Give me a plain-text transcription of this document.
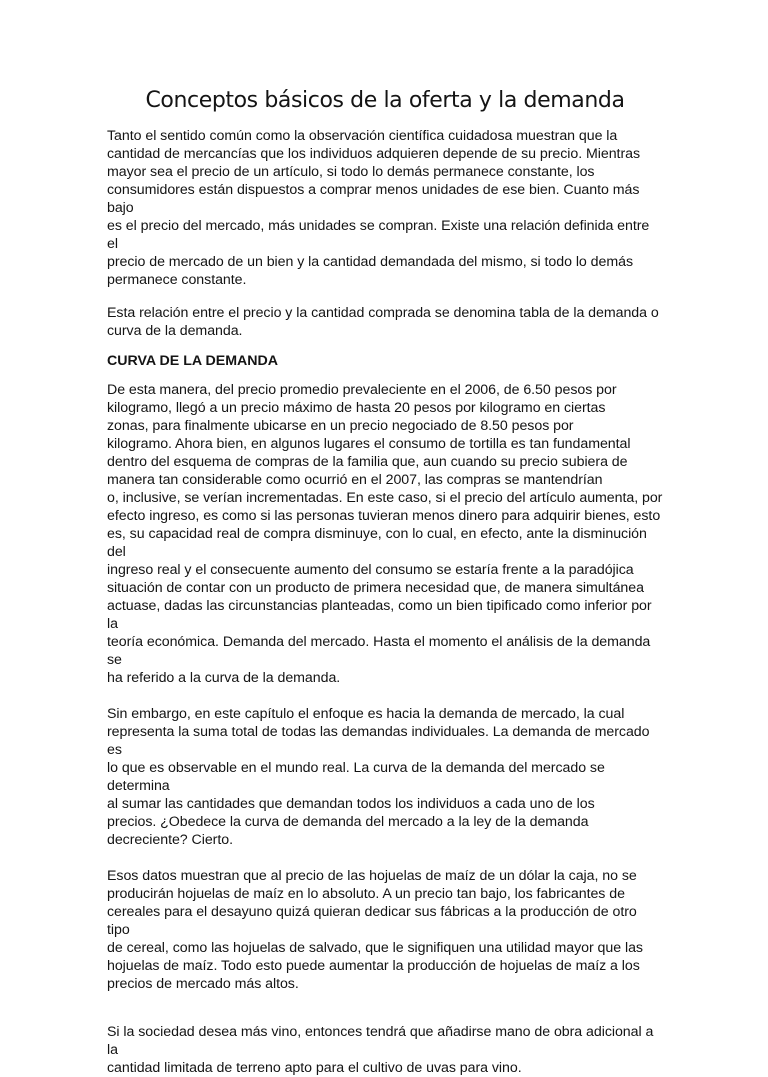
Conceptos básicos de la oferta y la demanda

Tanto el sentido común como la observación científica cuidadosa muestran que la
cantidad de mercancías que los individuos adquieren depende de su precio. Mientras
mayor sea el precio de un artículo, si todo lo demás permanece constante, los
consumidores están dispuestos a comprar menos unidades de ese bien. Cuanto más bajo
es el precio del mercado, más unidades se compran. Existe una relación definida entre el
precio de mercado de un bien y la cantidad demandada del mismo, si todo lo demás
permanece constante.

Esta relación entre el precio y la cantidad comprada se denomina tabla de la demanda o
curva de la demanda.

CURVA DE LA DEMANDA

De esta manera, del precio promedio prevaleciente en el 2006, de 6.50 pesos por
kilogramo, llegó a un precio máximo de hasta 20 pesos por kilogramo en ciertas
zonas, para finalmente ubicarse en un precio negociado de 8.50 pesos por
kilogramo. Ahora bien, en algunos lugares el consumo de tortilla es tan fundamental
dentro del esquema de compras de la familia que, aun cuando su precio subiera de
manera tan considerable como ocurrió en el 2007, las compras se mantendrían
o, inclusive, se verían incrementadas. En este caso, si el precio del artículo aumenta, por
efecto ingreso, es como si las personas tuvieran menos dinero para adquirir bienes, esto
es, su capacidad real de compra disminuye, con lo cual, en efecto, ante la disminución del
ingreso real y el consecuente aumento del consumo se estaría frente a la paradójica
situación de contar con un producto de primera necesidad que, de manera simultánea
actuase, dadas las circunstancias planteadas, como un bien tipificado como inferior por la
teoría económica. Demanda del mercado. Hasta el momento el análisis de la demanda se
ha referido a la curva de la demanda.

Sin embargo, en este capítulo el enfoque es hacia la demanda de mercado, la cual
representa la suma total de todas las demandas individuales. La demanda de mercado es
lo que es observable en el mundo real. La curva de la demanda del mercado se determina
al sumar las cantidades que demandan todos los individuos a cada uno de los
precios. ¿Obedece la curva de demanda del mercado a la ley de la demanda
decreciente? Cierto.

Esos datos muestran que al precio de las hojuelas de maíz de un dólar la caja, no se
producirán hojuelas de maíz en lo absoluto. A un precio tan bajo, los fabricantes de
cereales para el desayuno quizá quieran dedicar sus fábricas a la producción de otro tipo
de cereal, como las hojuelas de salvado, que le signifiquen una utilidad mayor que las
hojuelas de maíz. Todo esto puede aumentar la producción de hojuelas de maíz a los
precios de mercado más altos.

Si la sociedad desea más vino, entonces tendrá que añadirse mano de obra adicional a la
cantidad limitada de terreno apto para el cultivo de uvas para vino.
